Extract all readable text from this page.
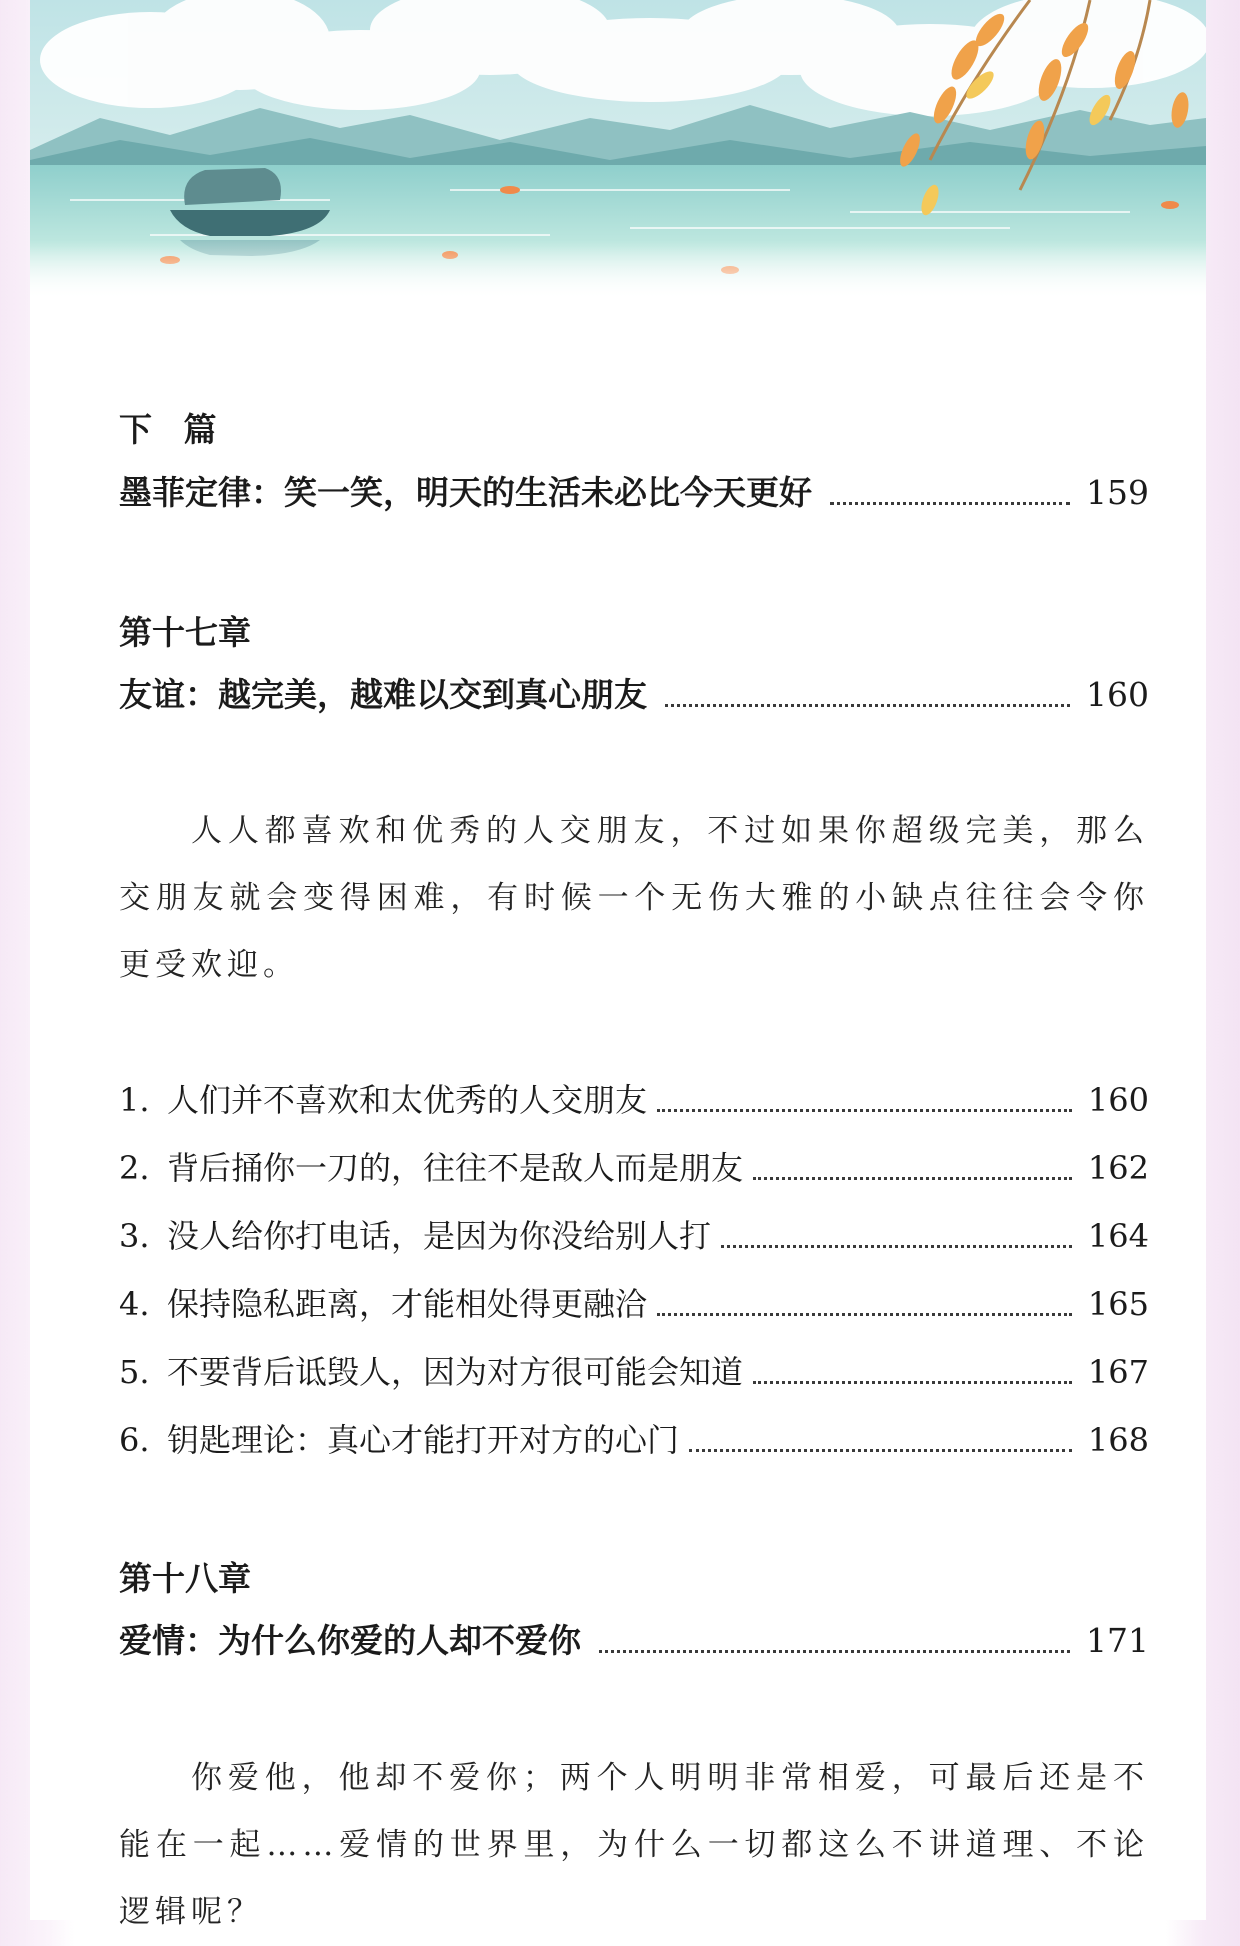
下 篇
墨菲定律：笑一笑，明天的生活未必比今天更好	159
第十七章
友谊：越完美，越难以交到真心朋友	160

人人都喜欢和优秀的人交朋友，不过如果你超级完美，那么交朋友就会变得困难，有时候一个无伤大雅的小缺点往往会令你更受欢迎。

1. 人们并不喜欢和太优秀的人交朋友	160
2. 背后捅你一刀的，往往不是敌人而是朋友	162
3. 没人给你打电话，是因为你没给别人打	164
4. 保持隐私距离，才能相处得更融洽	165
5. 不要背后诋毁人，因为对方很可能会知道	167
6. 钥匙理论：真心才能打开对方的心门	168
第十八章
爱情：为什么你爱的人却不爱你	171

你爱他，他却不爱你；两个人明明非常相爱，可最后还是不能在一起……爱情的世界里，为什么一切都这么不讲道理、不论逻辑呢？
